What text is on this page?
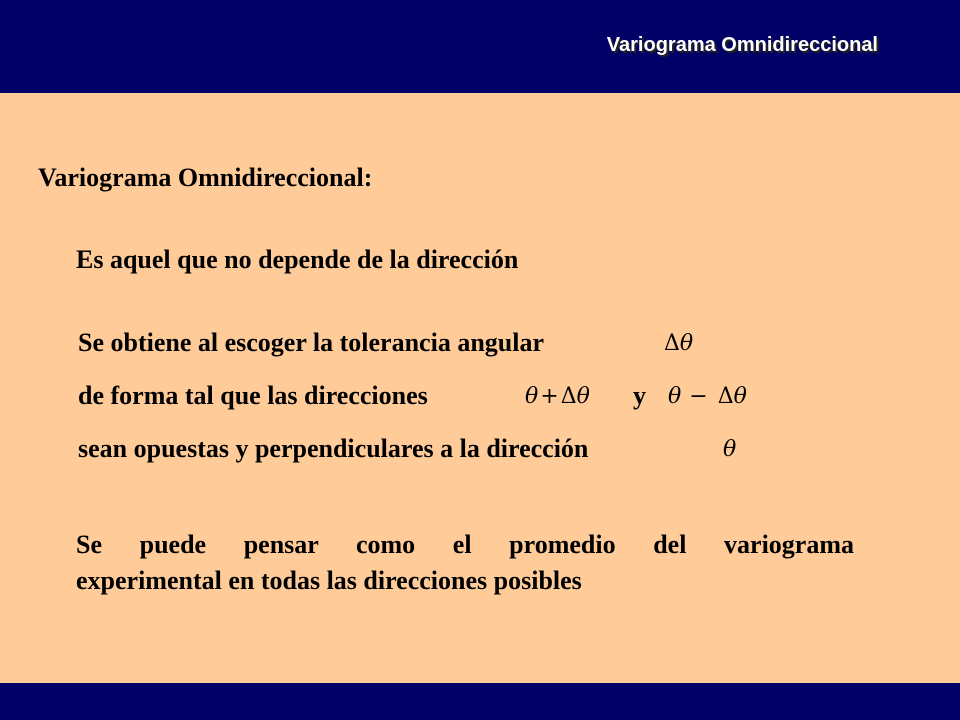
Variograma Omnidireccional
Variograma Omnidireccional:
Es aquel que no depende de la dirección
Se obtiene al escoger la tolerancia angular	Δθ
de forma tal que las direcciones	θ+Δθ y θ − Δθ
sean opuestas y perpendiculares a la dirección	θ

Se puede pensar como el promedio del variograma
experimental en todas las direcciones posibles
